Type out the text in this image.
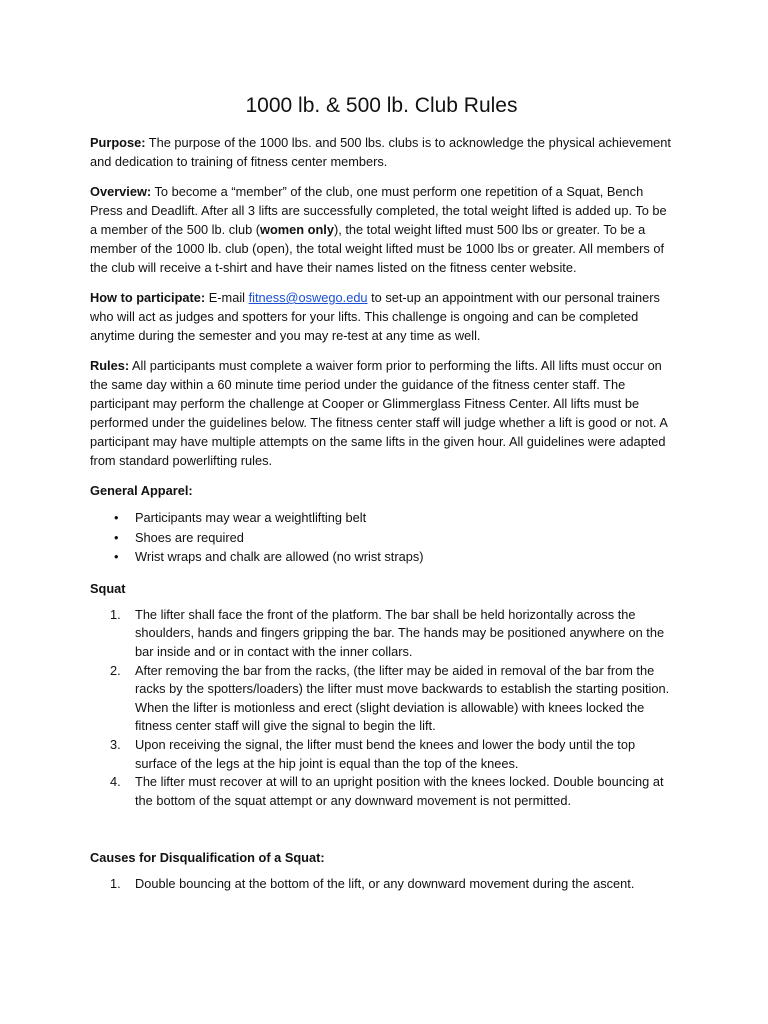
1000 lb. & 500 lb. Club Rules

Purpose: The purpose of the 1000 lbs. and 500 lbs. clubs is to acknowledge the physical achievement and dedication to training of fitness center members.

Overview: To become a “member” of the club, one must perform one repetition of a Squat, Bench Press and Deadlift. After all 3 lifts are successfully completed, the total weight lifted is added up. To be a member of the 500 lb. club (women only), the total weight lifted must 500 lbs or greater. To be a member of the 1000 lb. club (open), the total weight lifted must be 1000 lbs or greater. All members of the club will receive a t-shirt and have their names listed on the fitness center website.

How to participate: E-mail fitness@oswego.edu to set-up an appointment with our personal trainers who will act as judges and spotters for your lifts. This challenge is ongoing and can be completed anytime during the semester and you may re-test at any time as well.

Rules: All participants must complete a waiver form prior to performing the lifts. All lifts must occur on the same day within a 60 minute time period under the guidance of the fitness center staff. The participant may perform the challenge at Cooper or Glimmerglass Fitness Center. All lifts must be performed under the guidelines below. The fitness center staff will judge whether a lift is good or not. A participant may have multiple attempts on the same lifts in the given hour. All guidelines were adapted from standard powerlifting rules.

General Apparel:
• Participants may wear a weightlifting belt
• Shoes are required
• Wrist wraps and chalk are allowed (no wrist straps)
Squat
1. The lifter shall face the front of the platform. The bar shall be held horizontally across the shoulders, hands and fingers gripping the bar. The hands may be positioned anywhere on the bar inside and or in contact with the inner collars.
2. After removing the bar from the racks, (the lifter may be aided in removal of the bar from the racks by the spotters/loaders) the lifter must move backwards to establish the starting position. When the lifter is motionless and erect (slight deviation is allowable) with knees locked the fitness center staff will give the signal to begin the lift.
3. Upon receiving the signal, the lifter must bend the knees and lower the body until the top surface of the legs at the hip joint is equal than the top of the knees.
4. The lifter must recover at will to an upright position with the knees locked. Double bouncing at the bottom of the squat attempt or any downward movement is not permitted.
Causes for Disqualification of a Squat:
1. Double bouncing at the bottom of the lift, or any downward movement during the ascent.
